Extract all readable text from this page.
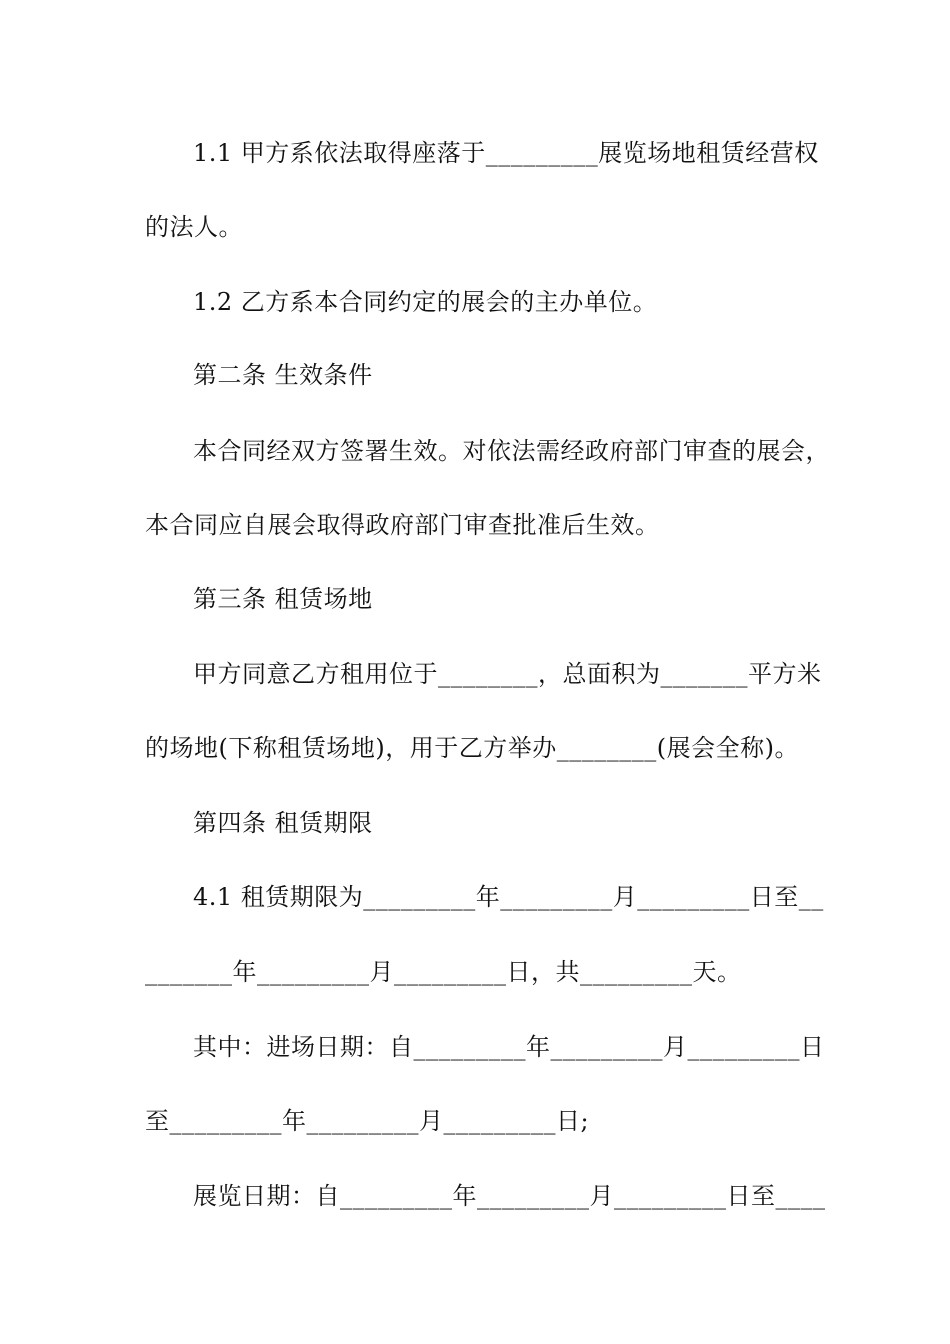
1.1 甲方系依法取得座落于_________展览场地租赁经营权
的法人。
1.2 乙方系本合同约定的展会的主办单位。
第二条 生效条件
本合同经双方签署生效。对依法需经政府部门审查的展会，
本合同应自展会取得政府部门审查批准后生效。
第三条 租赁场地
甲方同意乙方租用位于________，总面积为_______平方米
的场地(下称租赁场地)，用于乙方举办________(展会全称)。
第四条 租赁期限
4.1 租赁期限为_________年_________月_________日至__
_______年_________月_________日，共_________天。
其中：进场日期：自_________年_________月_________日
至_________年_________月_________日;
展览日期：自_________年_________月_________日至____
